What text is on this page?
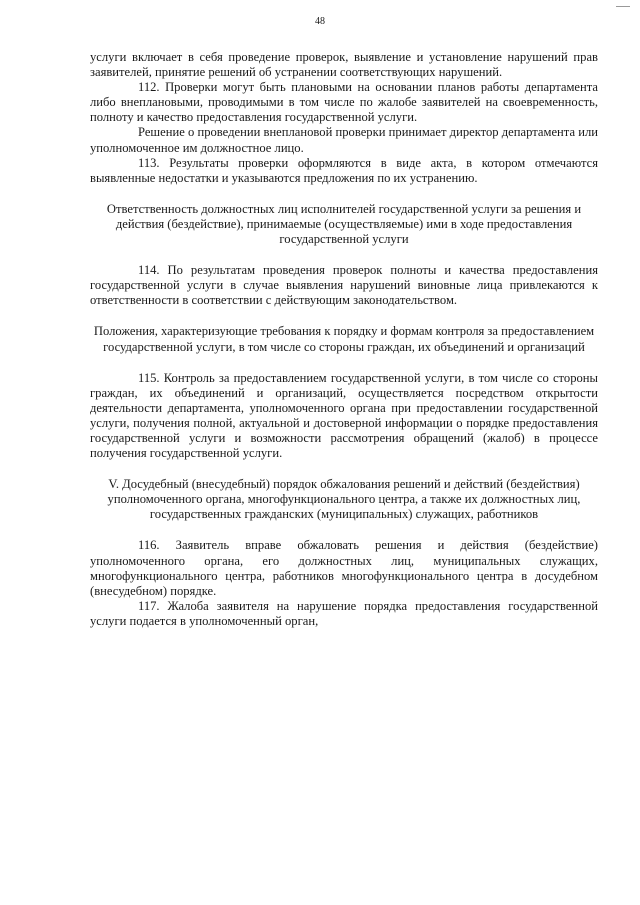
48

услуги включает в себя проведение проверок, выявление и установление нарушений прав заявителей, принятие решений об устранении соответствующих нарушений.

112. Проверки могут быть плановыми на основании планов работы департамента либо внеплановыми, проводимыми в том числе по жалобе заявителей на своевременность, полноту и качество предоставления государственной услуги.

Решение о проведении внеплановой проверки принимает директор департамента или уполномоченное им должностное лицо.

113. Результаты проверки оформляются в виде акта, в котором отмечаются выявленные недостатки и указываются предложения по их устранению.

Ответственность должностных лиц исполнителей государственной услуги за решения и действия (бездействие), принимаемые (осуществляемые) ими в ходе предоставления государственной услуги

114. По результатам проведения проверок полноты и качества предоставления государственной услуги в случае выявления нарушений виновные лица привлекаются к ответственности в соответствии с действующим законодательством.

Положения, характеризующие требования к порядку и формам контроля за предоставлением государственной услуги, в том числе со стороны граждан, их объединений и организаций

115. Контроль за предоставлением государственной услуги, в том числе со стороны граждан, их объединений и организаций, осуществляется посредством открытости деятельности департамента, уполномоченного органа при предоставлении государственной услуги, получения полной, актуальной и достоверной информации о порядке предоставления государственной услуги и возможности рассмотрения обращений (жалоб) в процессе получения государственной услуги.

V. Досудебный (внесудебный) порядок обжалования решений и действий (бездействия) уполномоченного органа, многофункционального центра, а также их должностных лиц, государственных гражданских (муниципальных) служащих, работников

116. Заявитель вправе обжаловать решения и действия (бездействие) уполномоченного органа, его должностных лиц, муниципальных служащих, многофункционального центра, работников многофункционального центра в досудебном (внесудебном) порядке.

117. Жалоба заявителя на нарушение порядка предоставления государственной услуги подается в уполномоченный орган,
